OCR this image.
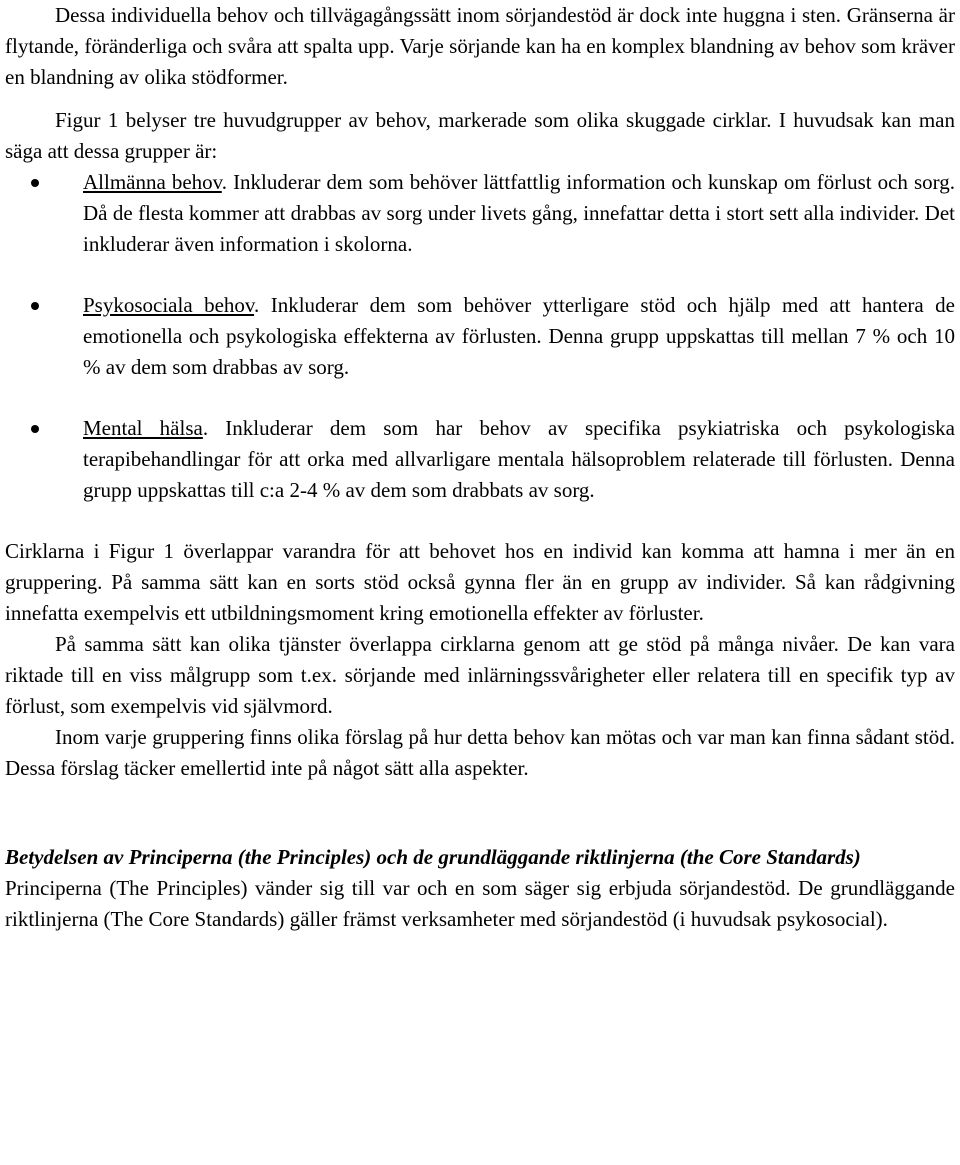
Dessa individuella behov och tillvägagångssätt inom sörjandestöd är dock inte huggna i sten. Gränserna är flytande, föränderliga och svåra att spalta upp. Varje sörjande kan ha en komplex blandning av behov som kräver en blandning av olika stödformer.

Figur 1 belyser tre huvudgrupper av behov, markerade som olika skuggade cirklar. I huvudsak kan man säga att dessa grupper är:

Allmänna behov. Inkluderar dem som behöver lättfattlig information och kunskap om förlust och sorg. Då de flesta kommer att drabbas av sorg under livets gång, innefattar detta i stort sett alla individer. Det inkluderar även information i skolorna.
Psykosociala behov. Inkluderar dem som behöver ytterligare stöd och hjälp med att hantera de emotionella och psykologiska effekterna av förlusten. Denna grupp uppskattas till mellan 7 % och 10 % av dem som drabbas av sorg.
Mental hälsa. Inkluderar dem som har behov av specifika psykiatriska och psykologiska terapibehandlingar för att orka med allvarligare mentala hälsoproblem relaterade till förlusten. Denna grupp uppskattas till c:a 2-4 % av dem som drabbats av sorg.

Cirklarna i Figur 1 överlappar varandra för att behovet hos en individ kan komma att hamna i mer än en gruppering. På samma sätt kan en sorts stöd också gynna fler än en grupp av individer. Så kan rådgivning innefatta exempelvis ett utbildningsmoment kring emotionella effekter av förluster.

På samma sätt kan olika tjänster överlappa cirklarna genom att ge stöd på många nivåer. De kan vara riktade till en viss målgrupp som t.ex. sörjande med inlärningssvårigheter eller relatera till en specifik typ av förlust, som exempelvis vid självmord.

Inom varje gruppering finns olika förslag på hur detta behov kan mötas och var man kan finna sådant stöd. Dessa förslag täcker emellertid inte på något sätt alla aspekter.

Betydelsen av Principerna (the Principles) och de grundläggande riktlinjerna (the Core Standards)

Principerna (The Principles) vänder sig till var och en som säger sig erbjuda sörjandestöd. De grundläggande riktlinjerna (The Core Standards) gäller främst verksamheter med sörjandestöd (i huvudsak psykosocial).
